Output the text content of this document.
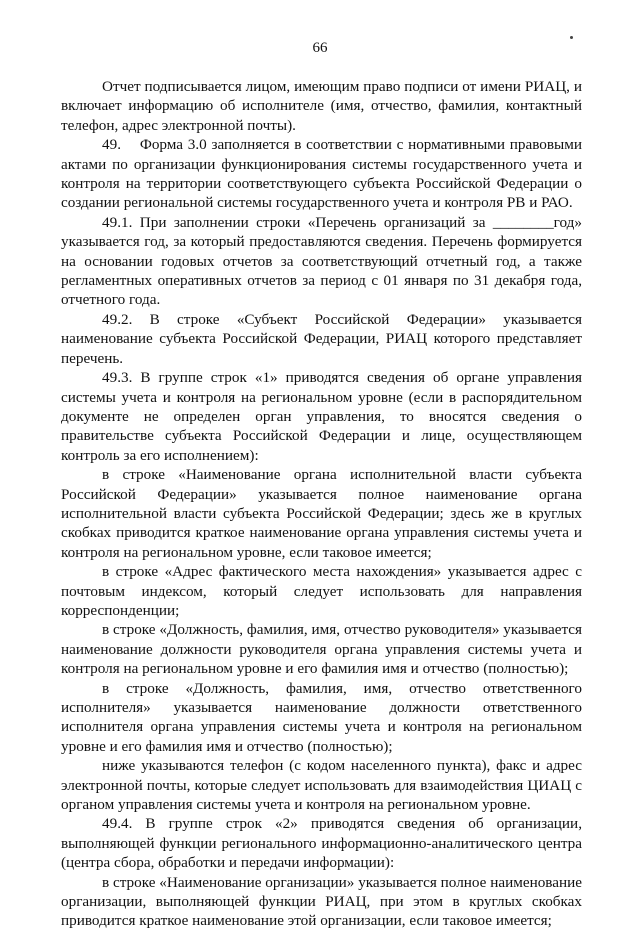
66

Отчет подписывается лицом, имеющим право подписи от имени РИАЦ, и включает информацию об исполнителе (имя, отчество, фамилия, контактный телефон, адрес электронной почты).

49.    Форма 3.0 заполняется в соответствии с нормативными правовыми актами по организации функционирования системы государственного учета и контроля на территории соответствующего субъекта Российской Федерации о создании региональной системы государственного учета и контроля РВ и РАО.

49.1. При заполнении строки «Перечень организаций за ________год» указывается год, за который предоставляются сведения. Перечень формируется на основании годовых отчетов за соответствующий отчетный год, а также регламентных оперативных отчетов за период с 01 января по 31 декабря года, отчетного года.

49.2. В строке «Субъект Российской Федерации» указывается наименование субъекта Российской Федерации, РИАЦ которого представляет перечень.

49.3. В группе строк «1» приводятся сведения об органе управления системы учета и контроля на региональном уровне (если в распорядительном документе не определен орган управления, то вносятся сведения о правительстве субъекта Российской Федерации и лице, осуществляющем контроль за его исполнением):

в строке «Наименование органа исполнительной власти субъекта Российской Федерации» указывается полное наименование органа исполнительной власти субъекта Российской Федерации; здесь же в круглых скобках приводится краткое наименование органа управления системы учета и контроля на региональном уровне, если таковое имеется;

в строке «Адрес фактического места нахождения» указывается адрес с почтовым индексом, который следует использовать для направления корреспонденции;

в строке «Должность, фамилия, имя, отчество руководителя» указывается наименование должности руководителя органа управления системы учета и контроля на региональном уровне и его фамилия имя и отчество (полностью);

в строке «Должность, фамилия, имя, отчество ответственного исполнителя» указывается наименование должности ответственного исполнителя органа управления системы учета и контроля на региональном уровне и его фамилия имя и отчество (полностью);

ниже указываются телефон (с кодом населенного пункта), факс и адрес электронной почты, которые следует использовать для взаимодействия ЦИАЦ с органом управления системы учета и контроля на региональном уровне.

49.4. В группе строк «2» приводятся сведения об организации, выполняющей функции регионального информационно-аналитического центра (центра сбора, обработки и передачи информации):

в строке «Наименование организации» указывается полное наименование организации, выполняющей функции РИАЦ, при этом в круглых скобках приводится краткое наименование этой организации, если таковое имеется;
